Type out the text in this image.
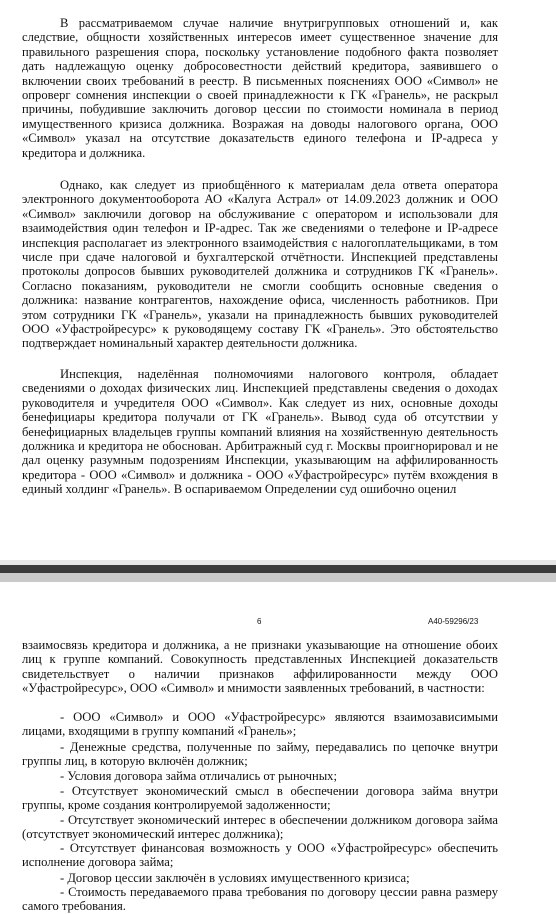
В рассматриваемом случае наличие внутригрупповых отношений и, как следствие, общности хозяйственных интересов имеет существенное значение для правильного разрешения спора, поскольку установление подобного факта позволяет дать надлежащую оценку добросовестности действий кредитора, заявившего о включении своих требований в реестр. В письменных пояснениях ООО «Символ» не опроверг сомнения инспекции о своей принадлежности к ГК «Гранель», не раскрыл причины, побудившие заключить договор цессии по стоимости номинала в период имущественного кризиса должника. Возражая на доводы налогового органа, ООО «Символ» указал на отсутствие доказательств единого телефона и IP-адреса у кредитора и должника.

Однако, как следует из приобщённого к материалам дела ответа оператора электронного документооборота АО «Калуга Астрал» от 14.09.2023 должник и ООО «Символ» заключили договор на обслуживание с оператором и использовали для взаимодействия один телефон и IP-адрес. Так же сведениями о телефоне и IP-адресе инспекция располагает из электронного взаимодействия с налогоплательщиками, в том числе при сдаче налоговой и бухгалтерской отчётности. Инспекцией представлены протоколы допросов бывших руководителей должника и сотрудников ГК «Гранель». Согласно показаниям, руководители не смогли сообщить основные сведения о должника: название контрагентов, нахождение офиса, численность работников. При этом сотрудники ГК «Гранель», указали на принадлежность бывших руководителей ООО «Уфастройресурс» к руководящему составу ГК «Гранель». Это обстоятельство подтверждает номинальный характер деятельности должника.

Инспекция, наделённая полномочиями налогового контроля, обладает сведениями о доходах физических лиц. Инспекцией представлены сведения о доходах руководителя и учредителя ООО «Символ». Как следует из них, основные доходы бенефициары кредитора получали от ГК «Гранель». Вывод суда об отсутствии у бенефициарных владельцев группы компаний влияния на хозяйственную деятельность должника и кредитора не обоснован. Арбитражный суд г. Москвы проигнорировал и не дал оценку разумным подозрениям Инспекции, указывающим на аффилированность кредитора - ООО «Символ» и должника - ООО «Уфастройресурс» путём вхождения в единый холдинг «Гранель». В оспариваемом Определении суд ошибочно оценил

6	А40-59296/23

взаимосвязь кредитора и должника, а не признаки указывающие на отношение обоих лиц к группе компаний. Совокупность представленных Инспекцией доказательств свидетельствует о наличии признаков аффилированности между ООО «Уфастройресурс», ООО «Символ» и мнимости заявленных требований, в частности:

- ООО «Символ» и ООО «Уфастройресурс» являются взаимозависимыми лицами, входящими в группу компаний «Гранель»;

- Денежные средства, полученные по займу, передавались по цепочке внутри группы лиц, в которую включён должник;

- Условия договора займа отличались от рыночных;

- Отсутствует экономический смысл в обеспечении договора займа внутри группы, кроме создания контролируемой задолженности;

- Отсутствует экономический интерес в обеспечении должником договора займа (отсутствует экономический интерес должника);

- Отсутствует финансовая возможность у ООО «Уфастройресурс» обеспечить исполнение договора займа;

- Договор цессии заключён в условиях имущественного кризиса;

- Стоимость передаваемого права требования по договору цессии равна размеру самого требования.
